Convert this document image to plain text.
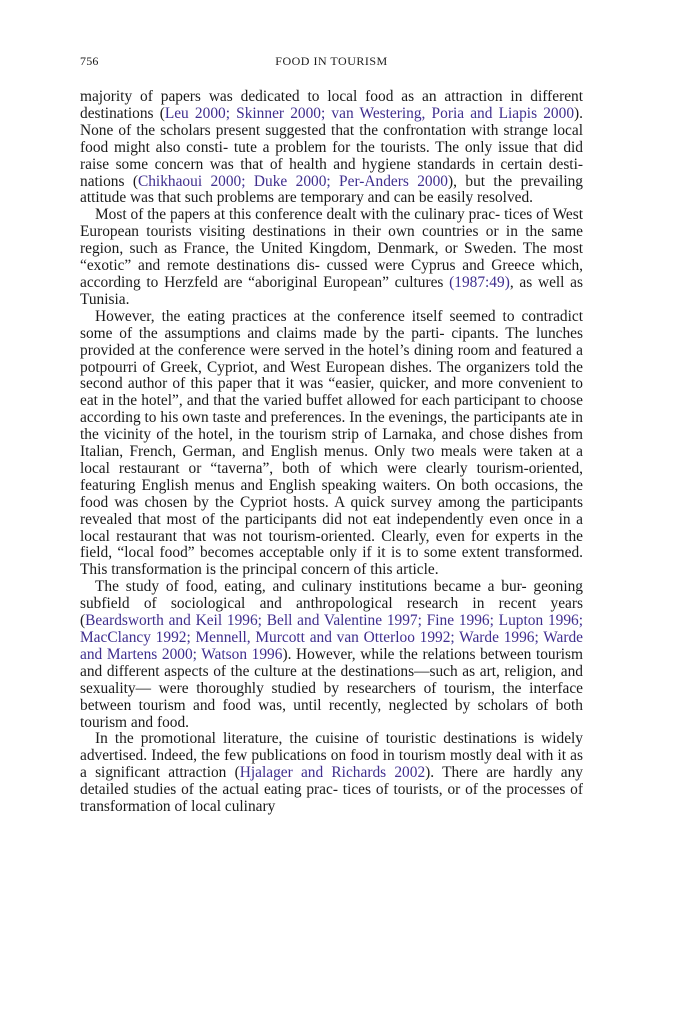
756	FOOD IN TOURISM

majority of papers was dedicated to local food as an attraction in different destinations (Leu 2000; Skinner 2000; van Westering, Poria and Liapis 2000). None of the scholars present suggested that the confrontation with strange local food might also consti- tute a problem for the tourists. The only issue that did raise some concern was that of health and hygiene standards in certain desti- nations (Chikhaoui 2000; Duke 2000; Per-Anders 2000), but the prevailing attitude was that such problems are temporary and can be easily resolved.

Most of the papers at this conference dealt with the culinary prac- tices of West European tourists visiting destinations in their own countries or in the same region, such as France, the United Kingdom, Denmark, or Sweden. The most “exotic” and remote destinations dis- cussed were Cyprus and Greece which, according to Herzfeld are “aboriginal European” cultures (1987:49), as well as Tunisia.

However, the eating practices at the conference itself seemed to contradict some of the assumptions and claims made by the parti- cipants. The lunches provided at the conference were served in the hotel’s dining room and featured a potpourri of Greek, Cypriot, and West European dishes. The organizers told the second author of this paper that it was “easier, quicker, and more convenient to eat in the hotel”, and that the varied buffet allowed for each participant to choose according to his own taste and preferences. In the evenings, the participants ate in the vicinity of the hotel, in the tourism strip of Larnaka, and chose dishes from Italian, French, German, and English menus. Only two meals were taken at a local restaurant or “taverna”, both of which were clearly tourism-oriented, featuring English menus and English speaking waiters. On both occasions, the food was chosen by the Cypriot hosts. A quick survey among the participants revealed that most of the participants did not eat independently even once in a local restaurant that was not tourism-oriented. Clearly, even for experts in the field, “local food” becomes acceptable only if it is to some extent transformed. This transformation is the principal concern of this article.

The study of food, eating, and culinary institutions became a bur- geoning subfield of sociological and anthropological research in recent years (Beardsworth and Keil 1996; Bell and Valentine 1997; Fine 1996; Lupton 1996; MacClancy 1992; Mennell, Murcott and van Otterloo 1992; Warde 1996; Warde and Martens 2000; Watson 1996). However, while the relations between tourism and different aspects of the culture at the destinations—such as art, religion, and sexuality— were thoroughly studied by researchers of tourism, the interface between tourism and food was, until recently, neglected by scholars of both tourism and food.

In the promotional literature, the cuisine of touristic destinations is widely advertised. Indeed, the few publications on food in tourism mostly deal with it as a significant attraction (Hjalager and Richards 2002). There are hardly any detailed studies of the actual eating prac- tices of tourists, or of the processes of transformation of local culinary
